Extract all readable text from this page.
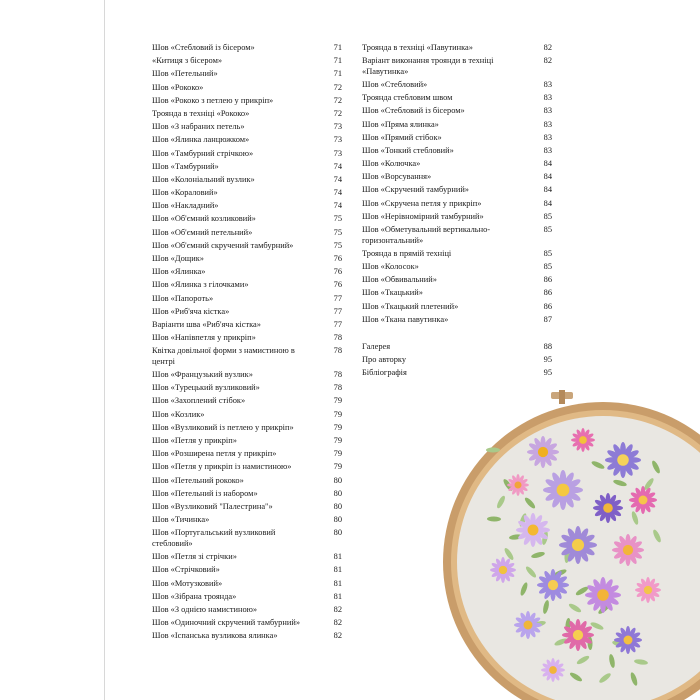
Шов «Стебловий із бісером»	71
«Китиця з бісером»	71
Шов «Петельний»	71
Шов «Рококо»	72
Шов «Рококо з петлею у прикріп»	72
Троянда в техніці «Рококо»	72
Шов «З набраних петель»	73
Шов «Ялинка ланцюжком»	73
Шов «Тамбурний стрічкою»	73
Шов «Тамбурний»	74
Шов «Колоніальний вузлик»	74
Шов «Кораловий»	74
Шов «Накладний»	74
Шов «Об'ємний козликовий»	75
Шов «Об'ємний петельний»	75
Шов «Об'ємний скручений тамбурний»	75
Шов «Дощик»	76
Шов «Ялинка»	76
Шов «Ялинка з гілочками»	76
Шов «Папороть»	77
Шов «Риб'яча кістка»	77
Варіанти шва «Риб'яча кістка»	77
Шов «Напівпетля у прикріп»	78
Квітка довільної форми з намистиною в центрі
78
Шов «Французький вузлик»	78
Шов «Турецький вузликовий»	78
Шов «Захоплений стібок»	79
Шов «Козлик»	79
Шов «Вузликовий із петлею у прикріп»	79
Шов «Петля у прикріп»	79
Шов «Розширена петля у прикріп»	79
Шов «Петля у прикріп із намистиною»	79
Шов «Петельний рококо»	80
Шов «Петельний із набором»	80
Шов «Вузликовий "Палестрина"»	80
Шов «Тичинка»	80
Шов «Португальський вузликовий стебловий»
80
Шов «Петля зі стрічки»	81
Шов «Стрічковий»	81
Шов «Мотузковий»	81
Шов «Зібрана троянда»	81
Шов «З однією намистиною»	82
Шов «Одиночний скручений тамбурний»	82
Шов «Іспанська вузликова ялинка»	82
Троянда в техніці «Павутинка»	82
Варіант виконання троянди в техніці «Павутинка»
82
Шов «Стебловий»	83
Троянда стебловим швом	83
Шов «Стебловий із бісером»	83
Шов «Пряма ялинка»	83
Шов «Прямий стібок»	83
Шов «Тонкий стебловий»	83
Шов «Колючка»	84
Шов «Ворсування»	84
Шов «Скручений тамбурний»	84
Шов «Скручена петля у прикріп»	84
Шов «Нерівномірний тамбурний»	85
Шов «Обметувальний вертикально-горизонтальний»
85
Троянда в прямій техніці	85
Шов «Колосок»	85
Шов «Обвивальний»	86
Шов «Ткацький»	86
Шов «Ткацький плетений»	86
Шов «Ткана павутинка»	87
Галерея	88
Про авторку	95
Бібліографія	95
